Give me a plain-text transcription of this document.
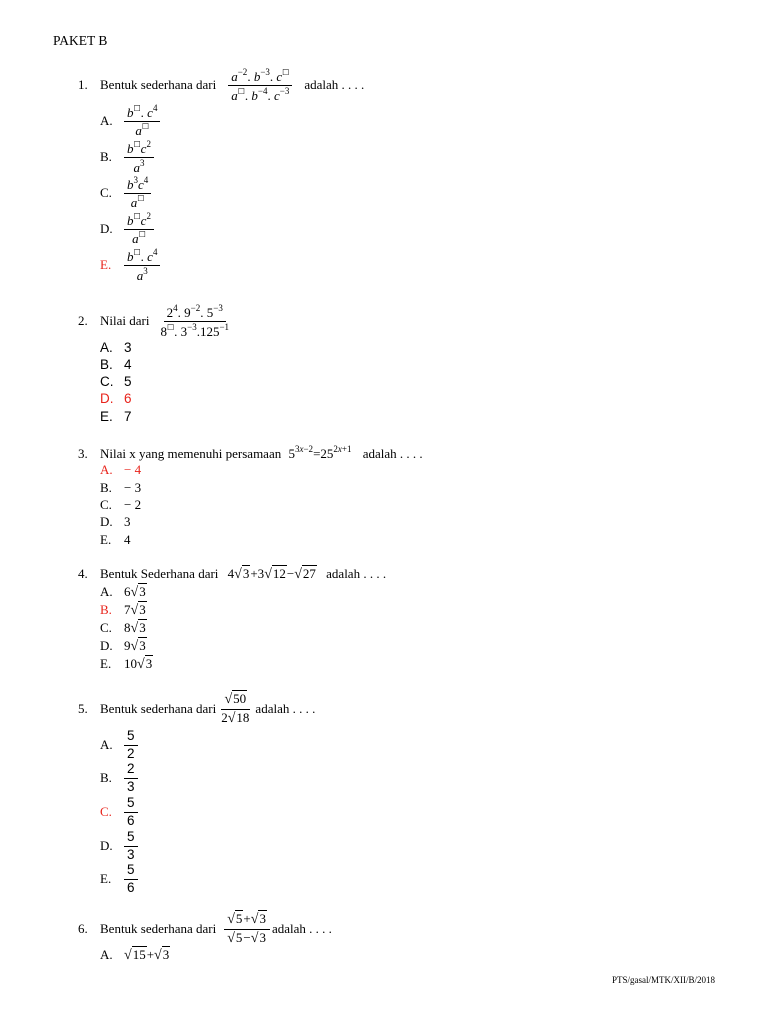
PAKET B
1. Bentuk sederhana dari $\frac{a^{-2}. b^{-3}. c^☐}{a^☐. b^{-4}. c^{-3}}$ adalah . . . .
A. $\frac{b^☐. c^4}{a^☐}$
B. $\frac{b^☐c^2}{a^3}$
C. $\frac{b^3c^4}{a^☐}$
D. $\frac{b^☐c^2}{a^☐}$
E. $\frac{b^☐. c^4}{a^3}$
2. Nilai dari $\frac{2^4. 9^{-2}. 5^{-3}}{8^☐. 3^{-3}.125^{-1}}$
A. 3
B. 4
C. 5
D. 6
E. 7
3. Nilai x yang memenuhi persamaan $5^{3x-2}=25^{2x+1}$ adalah . . . .
A. − 4
B. − 3
C. − 2
D. 3
E. 4
4. Bentuk Sederhana dari 4√3+3√12−√27 adalah . . . .
A. 6√3
B. 7√3
C. 8√3
D. 9√3
E. 10√3
5. Bentuk sederhana dari $\frac{√50}{2√18}$ adalah . . . .
A. $\frac{5}{2}$
B. $\frac{2}{3}$
C. $\frac{5}{6}$
D. $\frac{5}{3}$
E. $\frac{5}{6}$
6. Bentuk sederhana dari $\frac{√5+√3}{√5-√3}$ adalah . . . .
A. √15+√3
PTS/gasal/MTK/XII/B/2018
